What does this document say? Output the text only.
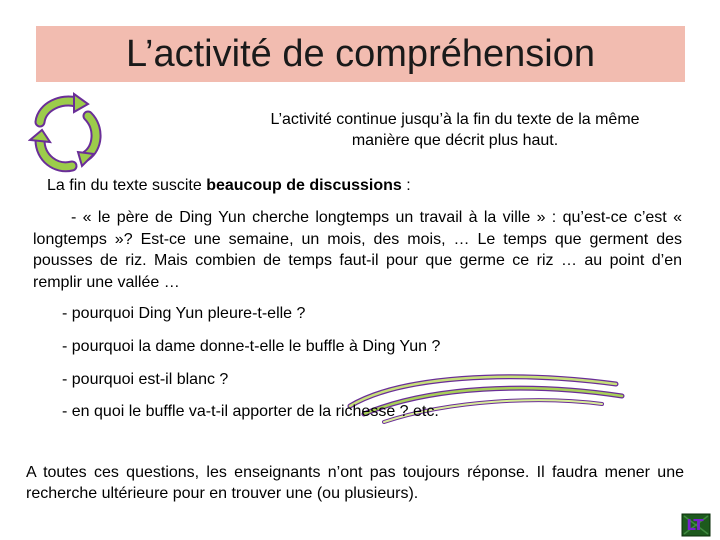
L’activité de compréhension
L’activité continue jusqu’à la fin du texte de la même
manière que décrit plus haut.
La fin du texte suscite beaucoup de discussions :
- « le père de Ding Yun cherche longtemps un travail à la ville » : qu’est-ce c’est « longtemps »? Est-ce une semaine, un mois, des mois, … Le temps que germent des pousses de riz. Mais combien de temps faut-il pour que germe ce riz … au point d’en remplir une vallée …
- pourquoi Ding Yun pleure-t-elle ?
- pourquoi la dame donne-t-elle le buffle à Ding Yun ?
- pourquoi est-il blanc ?
- en quoi le buffle va-t-il apporter de la richesse ? etc.
A toutes ces questions, les enseignants n’ont pas toujours réponse. Il faudra mener une recherche ultérieure pour en trouver une (ou plusieurs).
LT
